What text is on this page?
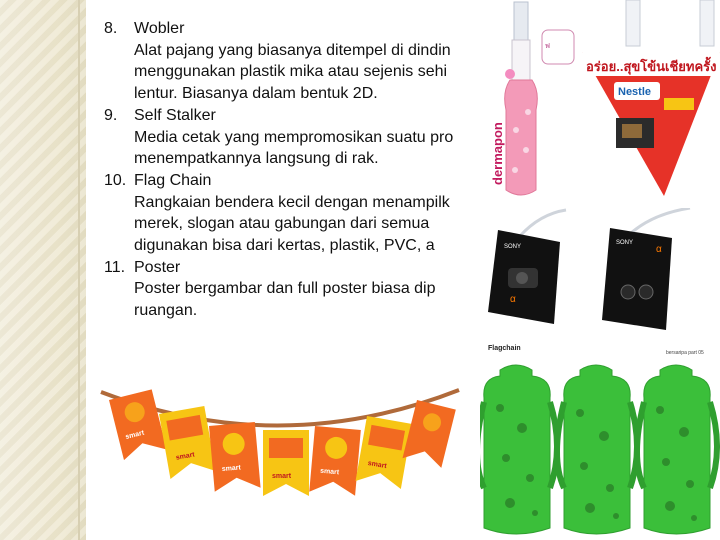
8. Wobler
Alat pajang yang biasanya ditempel di dindin
menggunakan plastik mika atau sejenis sehi
lentur. Biasanya dalam bentuk 2D.
9. Self Stalker
Media cetak yang mempromosikan suatu pro
menempatkannya langsung di rak.
10. Flag Chain
Rangkaian bendera kecil dengan menampilk
merek, slogan atau gabungan dari semua
digunakan bisa dari kertas, plastik, PVC, a
11. Poster
Poster bergambar dan full poster biasa dip
ruangan.
dermapon
ฟ
อร่อย..สุขโข้นเชียทครั้ง
Nestle
SONY
α
SONY
α
Flagchain
bersaripa part 05
smart
smart
smart
smart
smart
smart
